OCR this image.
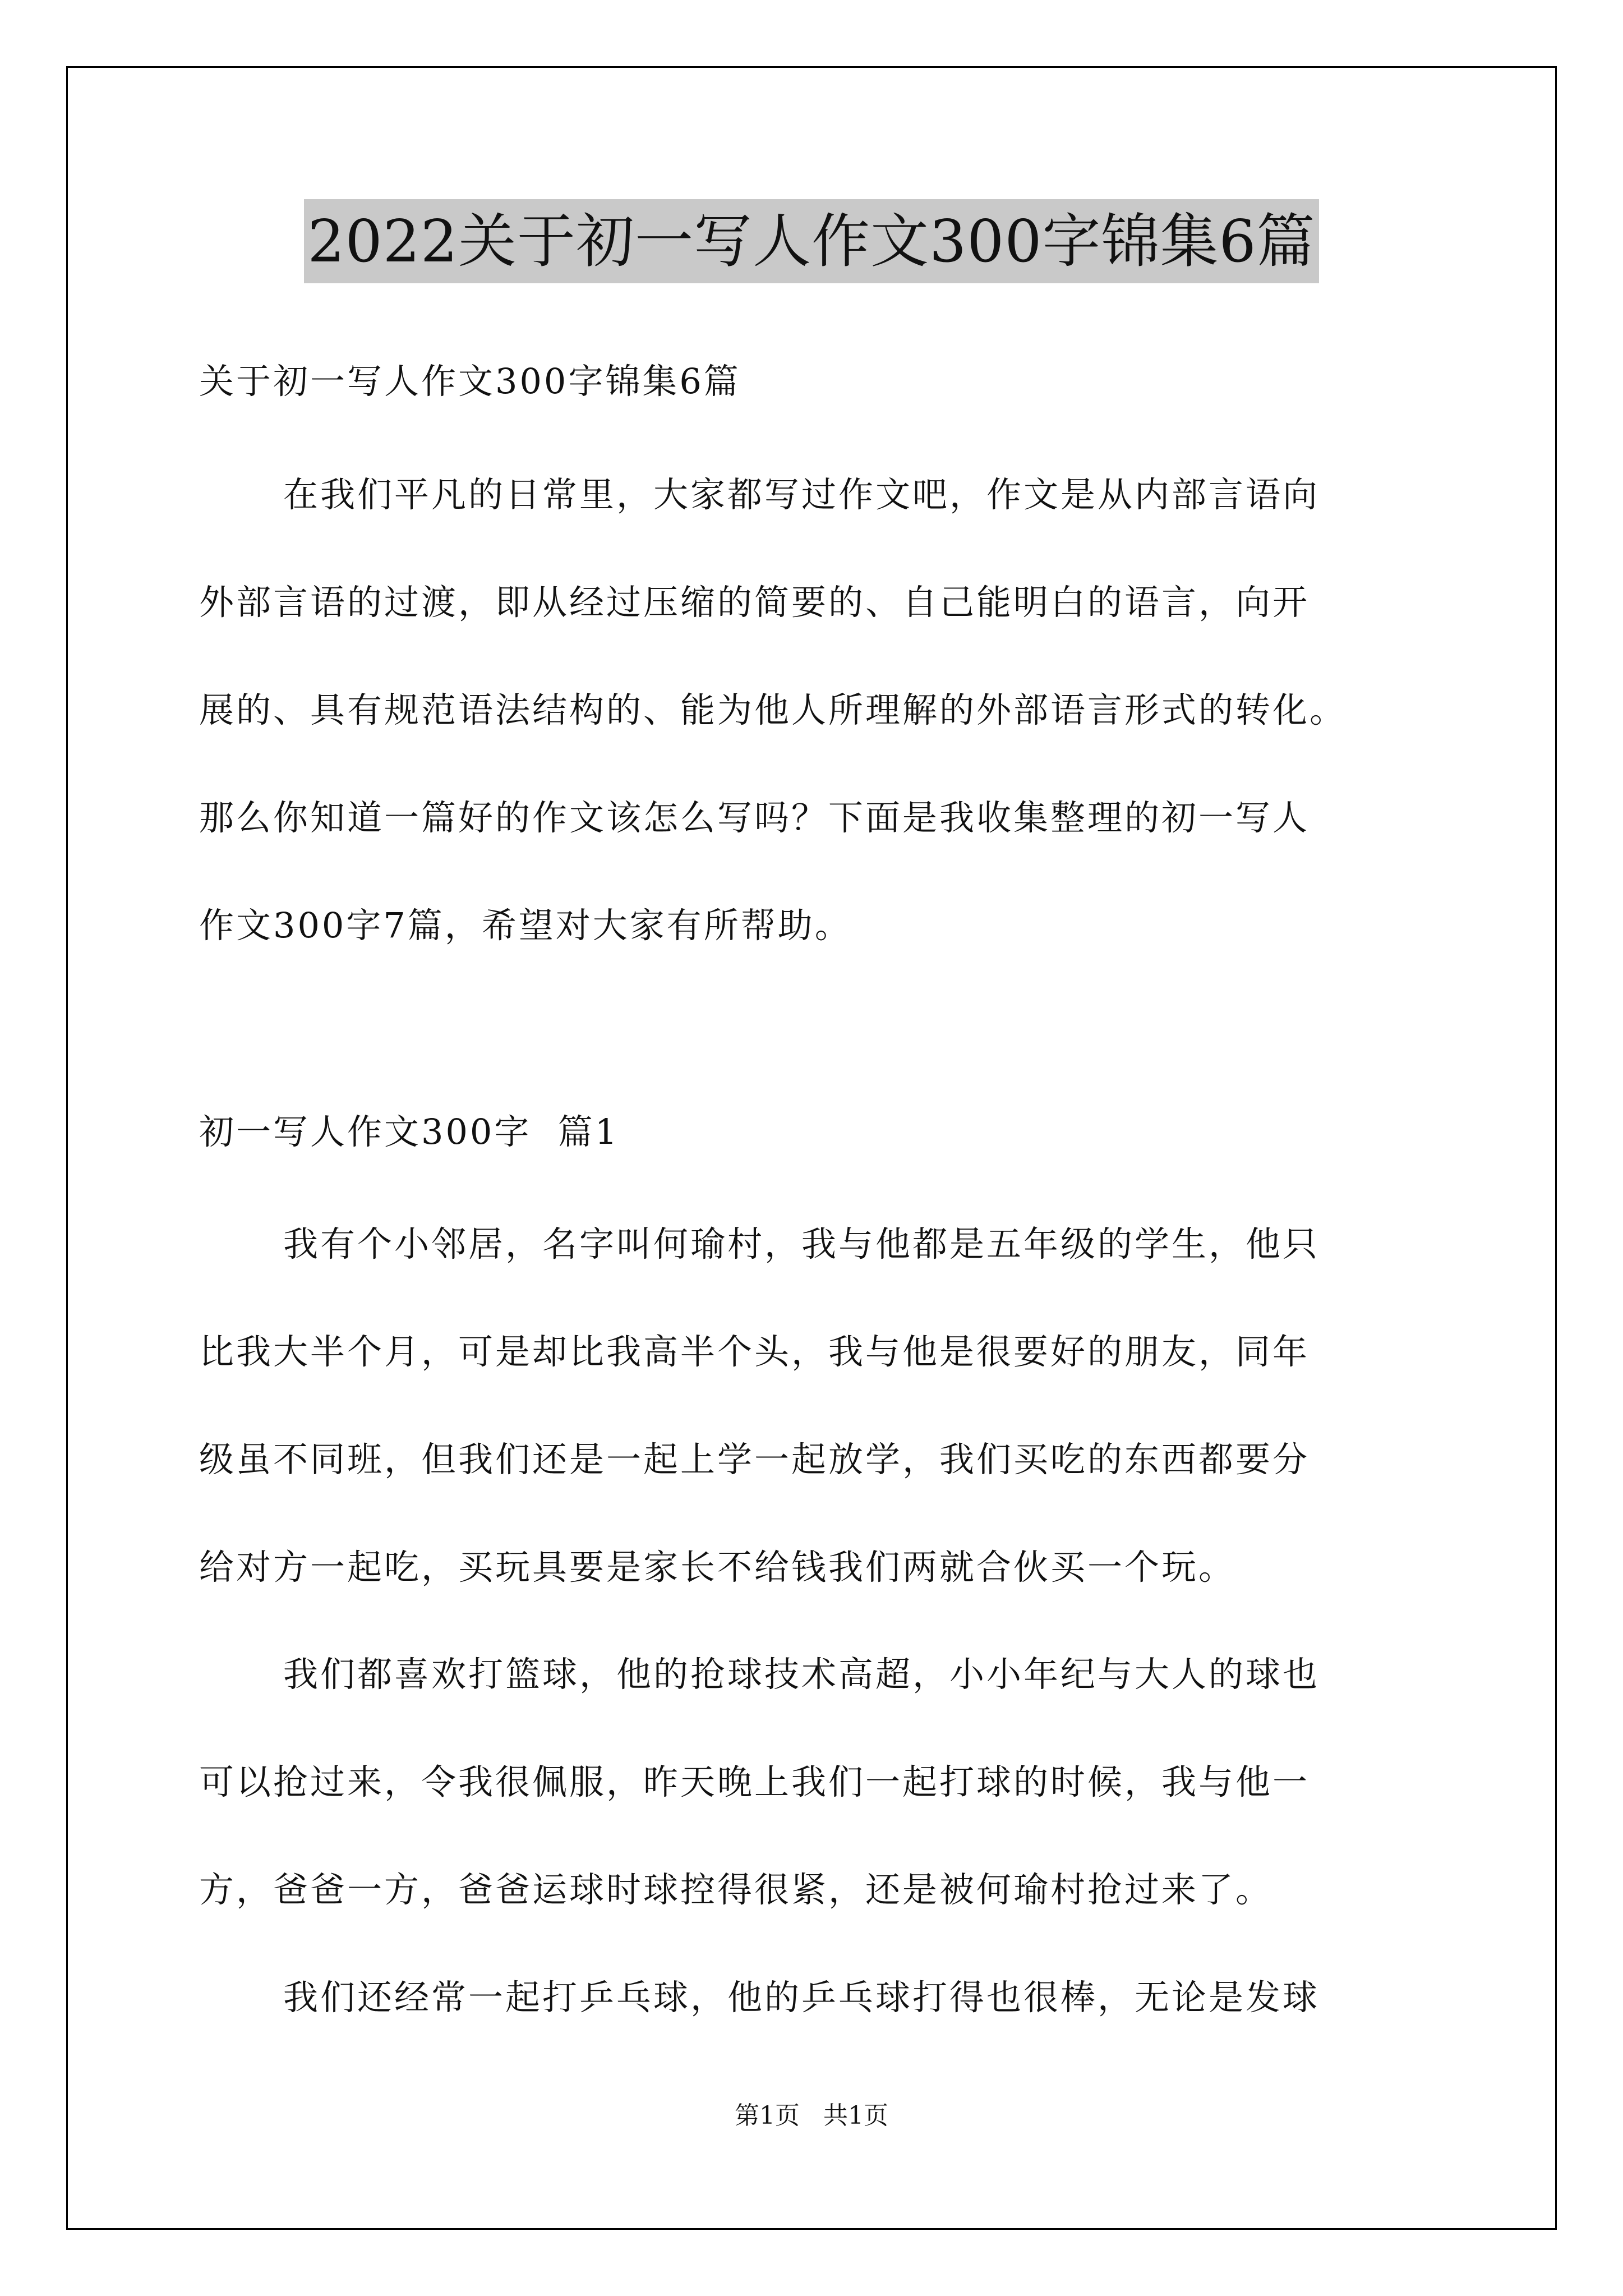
2022关于初一写人作文300字锦集6篇
关于初一写人作文300字锦集6篇
在我们平凡的日常里，大家都写过作文吧，作文是从内部言语向
外部言语的过渡，即从经过压缩的简要的、自己能明白的语言，向开
展的、具有规范语法结构的、能为他人所理解的外部语言形式的转化。
那么你知道一篇好的作文该怎么写吗？下面是我收集整理的初一写人
作文300字7篇，希望对大家有所帮助。
初一写人作文300字  篇1
我有个小邻居，名字叫何瑜村，我与他都是五年级的学生，他只
比我大半个月，可是却比我高半个头，我与他是很要好的朋友，同年
级虽不同班，但我们还是一起上学一起放学，我们买吃的东西都要分
给对方一起吃，买玩具要是家长不给钱我们两就合伙买一个玩。
我们都喜欢打篮球，他的抢球技术高超，小小年纪与大人的球也
可以抢过来，令我很佩服，昨天晚上我们一起打球的时候，我与他一
方，爸爸一方，爸爸运球时球控得很紧，还是被何瑜村抢过来了。
我们还经常一起打乒乓球，他的乒乓球打得也很棒，无论是发球
第1页   共1页
